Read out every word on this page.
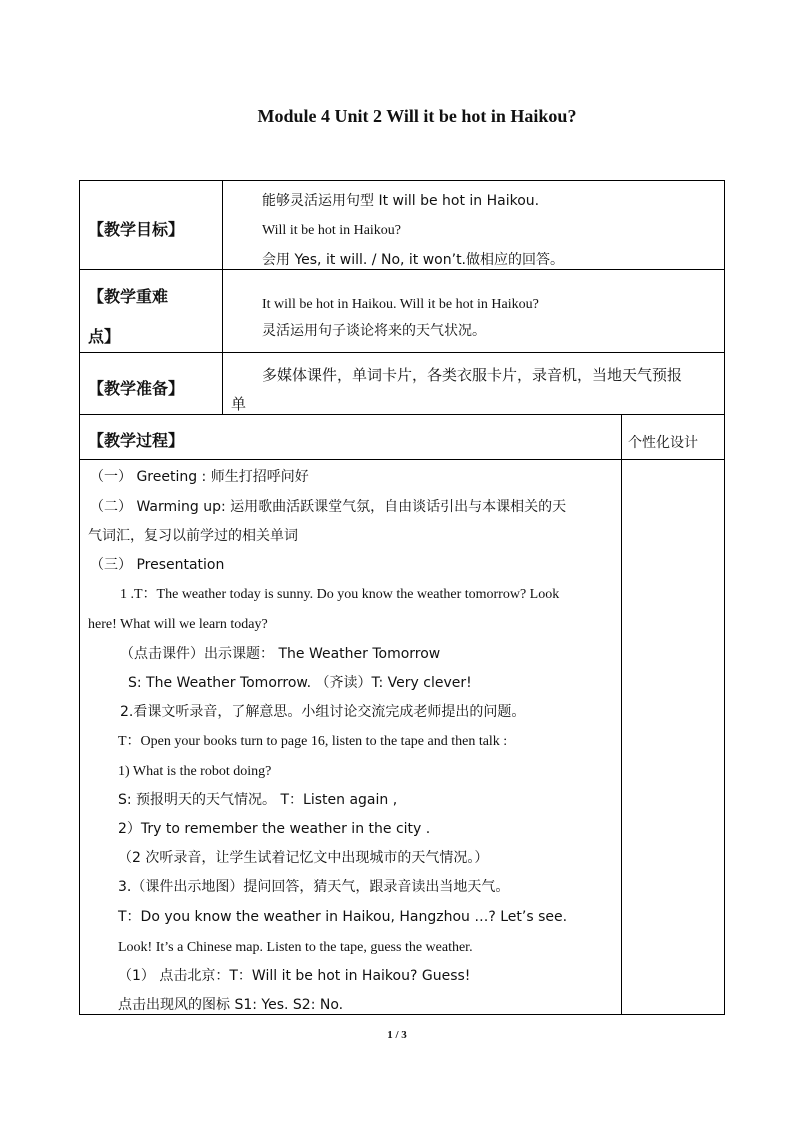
Module 4 Unit 2 Will it be hot in Haikou?
【教学目标】
能够灵活运用句型 It will be hot in Haikou.
Will it be hot in Haikou?
会用 Yes, it will. / No, it won’t.做相应的回答。
【教学重难
点】
It will be hot in Haikou. Will it be hot in Haikou?
灵活运用句子谈论将来的天气状况。
【教学准备】
多媒体课件，单词卡片，各类衣服卡片，录音机，当地天气预报
单
【教学过程】	个性化设计
（一） Greeting : 师生打招呼问好
（二） Warming up: 运用歌曲活跃课堂气氛，自由谈话引出与本课相关的天
气词汇，复习以前学过的相关单词
（三） Presentation
1 .T：The weather today is sunny. Do you know the weather tomorrow? Look
here! What will we learn today?
（点击课件）出示课题： The Weather Tomorrow
S: The Weather Tomorrow. （齐读）T: Very clever!
2.看课文听录音，了解意思。小组讨论交流完成老师提出的问题。
T：Open your books turn to page 16, listen to the tape and then talk :
1) What is the robot doing?
S: 预报明天的天气情况。 T：Listen again ,
2）Try to remember the weather in the city .
（2 次听录音，让学生试着记忆文中出现城市的天气情况。）
3.（课件出示地图）提问回答，猜天气，跟录音读出当地天气。
T：Do you know the weather in Haikou, Hangzhou …? Let’s see.
Look! It’s a Chinese map. Listen to the tape, guess the weather.
（1） 点击北京：T：Will it be hot in Haikou? Guess!
点击出现风的图标 S1: Yes. S2: No.
1 / 3
